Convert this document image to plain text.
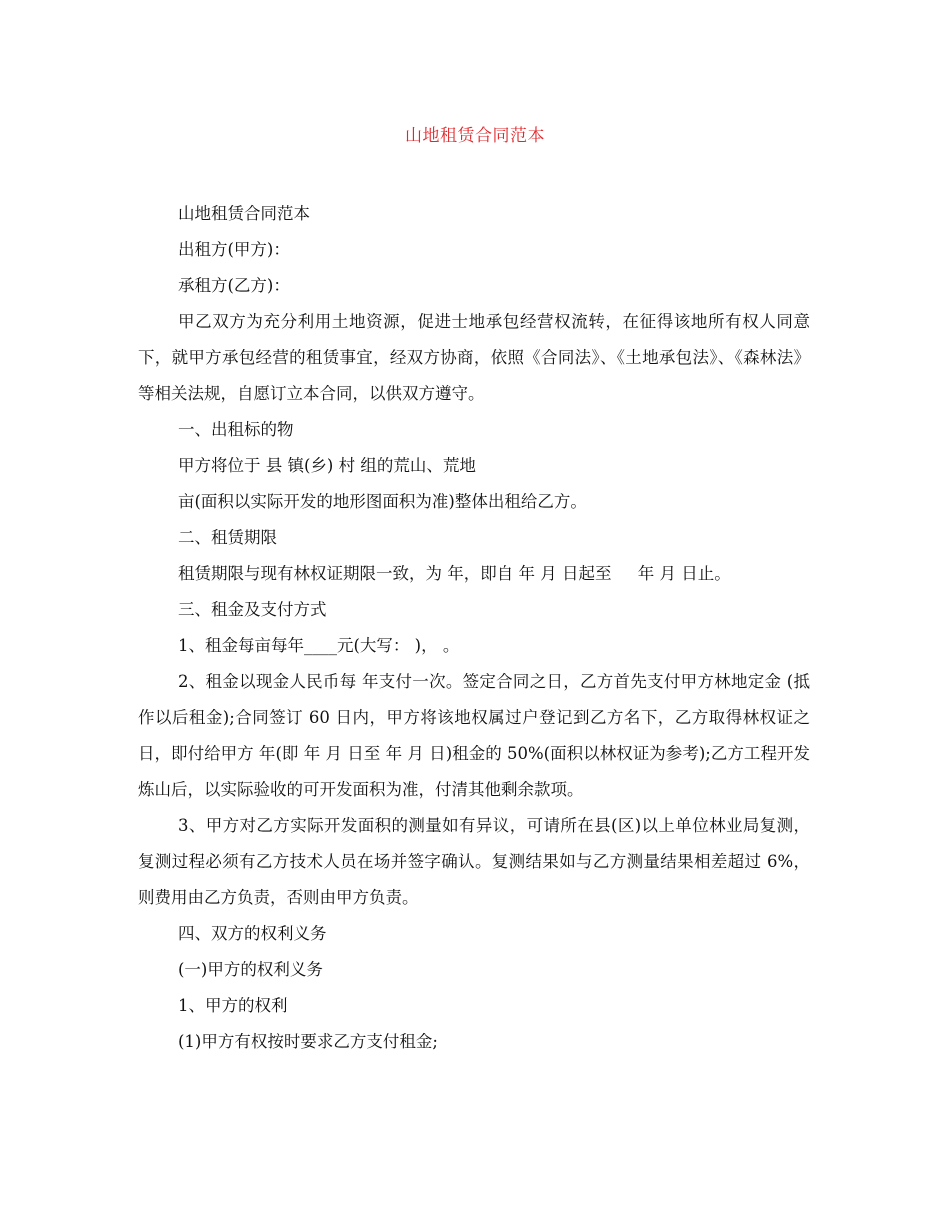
山地租赁合同范本

山地租赁合同范本

出租方(甲方)：

承租方(乙方)：

甲乙双方为充分利用土地资源，促进士地承包经营权流转，在征得该地所有权人同意下，就甲方承包经营的租赁事宜，经双方协商，依照《合同法》、《土地承包法》、《森林法》等相关法规，自愿订立本合同，以供双方遵守。

一、出租标的物

甲方将位于 县 镇(乡) 村 组的荒山、荒地

亩(面积以实际开发的地形图面积为准)整体出租给乙方。

二、租赁期限

租赁期限与现有林权证期限一致，为 年，即自 年 月 日起至     年 月 日止。

三、租金及支付方式

1、租金每亩每年____元(大写： )， 。

2、租金以现金人民币每 年支付一次。签定合同之日，乙方首先支付甲方林地定金 (抵作以后租金);合同签订 60 日内，甲方将该地权属过户登记到乙方名下，乙方取得林权证之日，即付给甲方 年(即 年 月 日至 年 月 日)租金的 50%(面积以林权证为参考);乙方工程开发炼山后，以实际验收的可开发面积为准，付清其他剩余款项。

3、甲方对乙方实际开发面积的测量如有异议，可请所在县(区)以上单位林业局复测，复测过程必须有乙方技术人员在场并签字确认。复测结果如与乙方测量结果相差超过 6%，则费用由乙方负责，否则由甲方负责。

四、双方的权利义务

(一)甲方的权利义务

1、甲方的权利

(1)甲方有权按时要求乙方支付租金;
